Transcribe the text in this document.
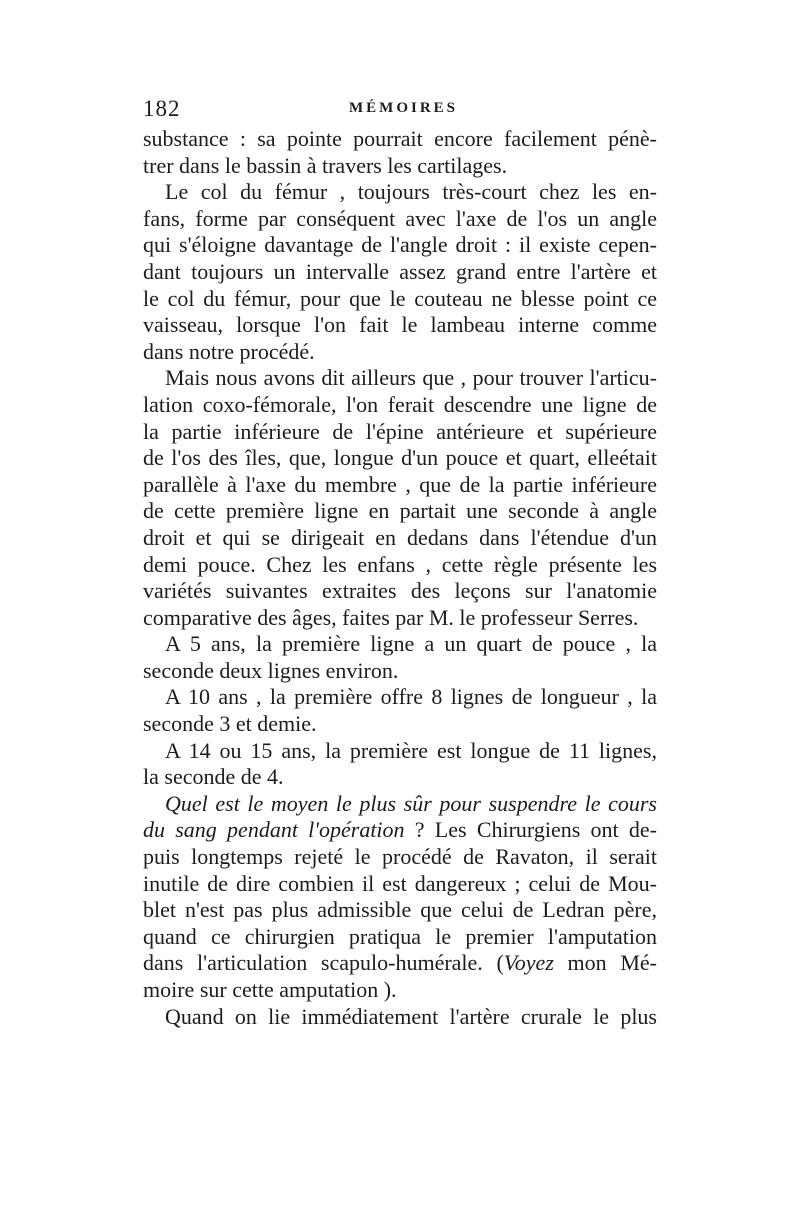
182	MÉMOIRES
substance : sa pointe pourrait encore facilement pénè-
trer dans le bassin à travers les cartilages.
Le col du fémur , toujours très-court chez les en-
fans, forme par conséquent avec l'axe de l'os un angle
qui s'éloigne davantage de l'angle droit : il existe cepen-
dant toujours un intervalle assez grand entre l'artère et
le col du fémur, pour que le couteau ne blesse point ce
vaisseau, lorsque l'on fait le lambeau interne comme
dans notre procédé.
Mais nous avons dit ailleurs que , pour trouver l'articu-
lation coxo-fémorale, l'on ferait descendre une ligne de
la partie inférieure de l'épine antérieure et supérieure
de l'os des îles, que, longue d'un pouce et quart, elleétait
parallèle à l'axe du membre , que de la partie inférieure
de cette première ligne en partait une seconde à angle
droit et qui se dirigeait en dedans dans l'étendue d'un
demi pouce. Chez les enfans , cette règle présente les
variétés suivantes extraites des leçons sur l'anatomie
comparative des âges, faites par M. le professeur Serres.
A 5 ans, la première ligne a un quart de pouce , la
seconde deux lignes environ.
A 10 ans , la première offre 8 lignes de longueur , la
seconde 3 et demie.
A 14 ou 15 ans, la première est longue de 11 lignes,
la seconde de 4.
Quel est le moyen le plus sûr pour suspendre le cours
du sang pendant l'opération ? Les Chirurgiens ont de-
puis longtemps rejeté le procédé de Ravaton, il serait
inutile de dire combien il est dangereux ; celui de Mou-
blet n'est pas plus admissible que celui de Ledran père,
quand ce chirurgien pratiqua le premier l'amputation
dans l'articulation scapulo-humérale. (Voyez mon Mé-
moire sur cette amputation ).
Quand on lie immédiatement l'artère crurale le plus
